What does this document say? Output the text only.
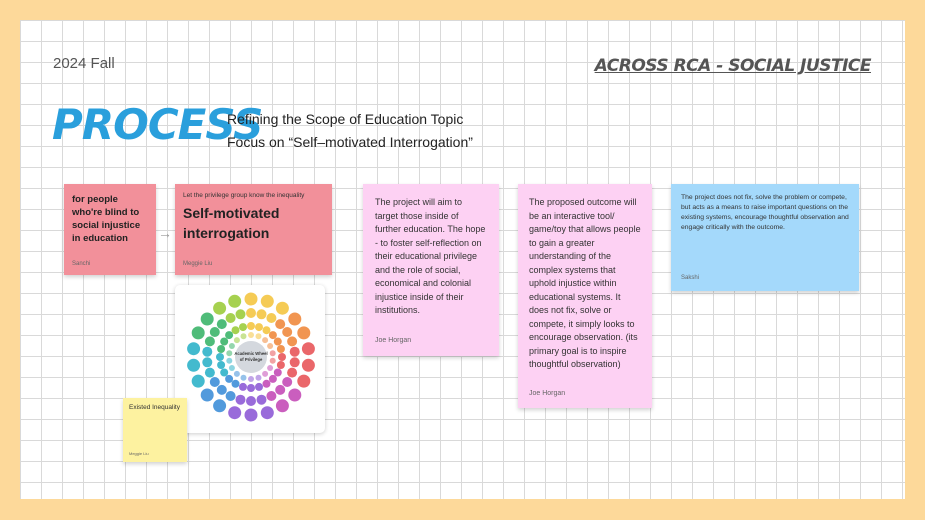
2024 Fall	ACROSS RCA - SOCIAL JUSTICE
PROCESS
Refining the Scope of Education Topic
Focus on “Self–motivated Interrogation”
for people who're blind to social injustice in education
Sanchi
→
Let the privilege group know the inequality
Self-motivated interrogation
Meggie Liu
Academic Wheel
of Privilege
Existed Inequality
Meggie Liu
The project will aim to target those inside of further education. The hope - to foster self-reflection on their educational privilege and the role of social, economical and colonial injustice inside of their institutions.
Joe Horgan
The proposed outcome will be an interactive tool/ game/toy that allows people to gain a greater understanding of the complex systems that uphold injustice within educational systems. It does not fix, solve or compete, it simply looks to encourage observation. (its primary goal is to inspire thoughtful observation)
Joe Horgan
The project does not fix, solve the problem or compete, but acts as a means to raise important questions on the existing systems, encourage thoughtful observation and engage critically with the outcome.
Sakshi
